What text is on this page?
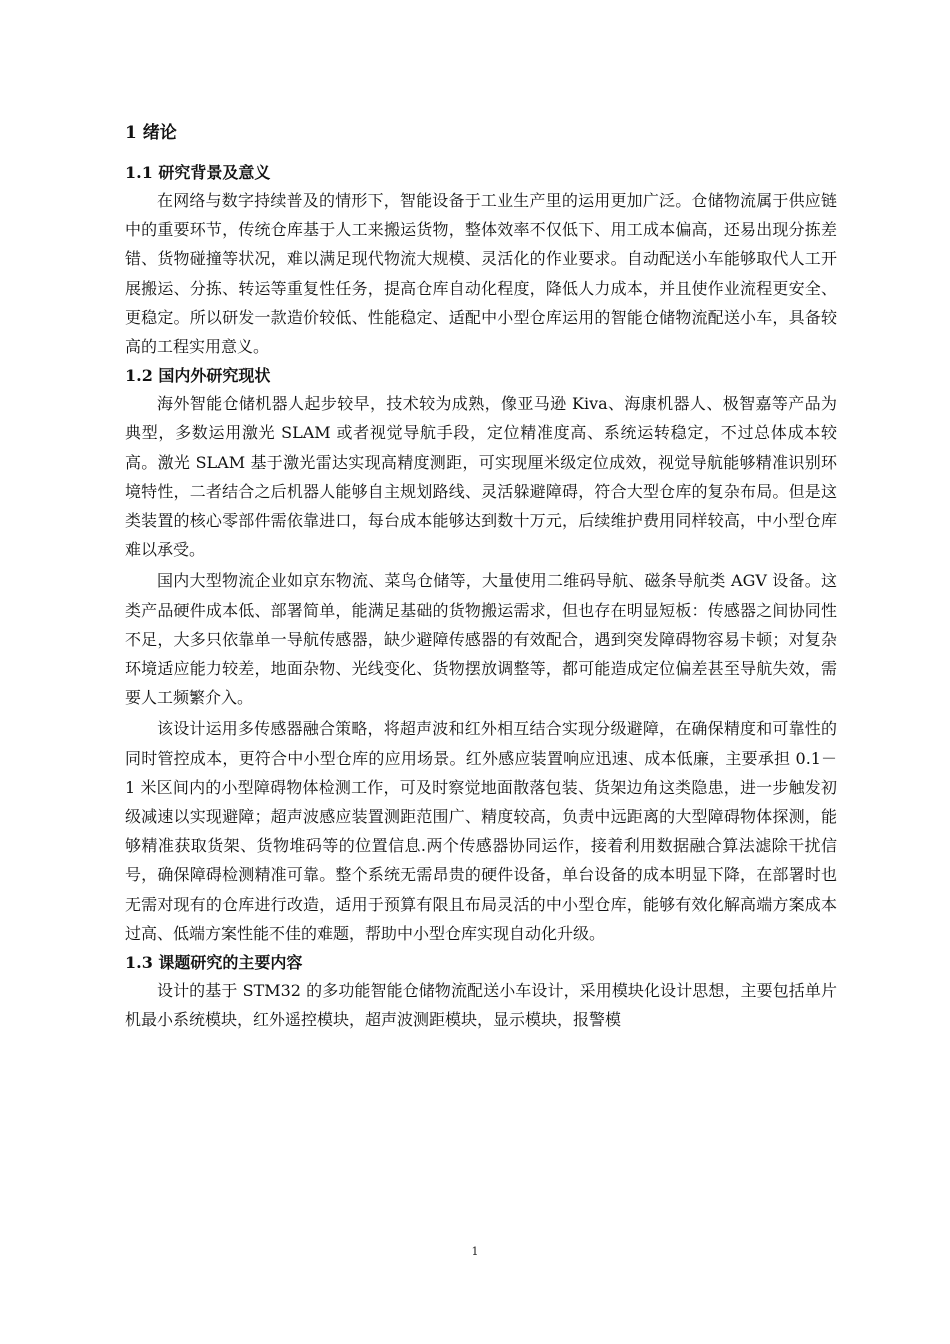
1 绪论
1.1 研究背景及意义

在网络与数字持续普及的情形下，智能设备于工业生产里的运用更加广泛。仓储物流属于供应链中的重要环节，传统仓库基于人工来搬运货物，整体效率不仅低下、用工成本偏高，还易出现分拣差错、货物碰撞等状况，难以满足现代物流大规模、灵活化的作业要求。自动配送小车能够取代人工开展搬运、分拣、转运等重复性任务，提高仓库自动化程度，降低人力成本，并且使作业流程更安全、更稳定。所以研发一款造价较低、性能稳定、适配中小型仓库运用的智能仓储物流配送小车，具备较高的工程实用意义。

1.2 国内外研究现状

海外智能仓储机器人起步较早，技术较为成熟，像亚马逊 Kiva、海康机器人、极智嘉等产品为典型，多数运用激光 SLAM 或者视觉导航手段，定位精准度高、系统运转稳定，不过总体成本较高。激光 SLAM 基于激光雷达实现高精度测距，可实现厘米级定位成效，视觉导航能够精准识别环境特性，二者结合之后机器人能够自主规划路线、灵活躲避障碍，符合大型仓库的复杂布局。但是这类装置的核心零部件需依靠进口，每台成本能够达到数十万元，后续维护费用同样较高，中小型仓库难以承受。

国内大型物流企业如京东物流、菜鸟仓储等，大量使用二维码导航、磁条导航类 AGV 设备。这类产品硬件成本低、部署简单，能满足基础的货物搬运需求，但也存在明显短板：传感器之间协同性不足，大多只依靠单一导航传感器，缺少避障传感器的有效配合，遇到突发障碍物容易卡顿；对复杂环境适应能力较差，地面杂物、光线变化、货物摆放调整等，都可能造成定位偏差甚至导航失效，需要人工频繁介入。

该设计运用多传感器融合策略，将超声波和红外相互结合实现分级避障，在确保精度和可靠性的同时管控成本，更符合中小型仓库的应用场景。红外感应装置响应迅速、成本低廉，主要承担 0.1－1 米区间内的小型障碍物体检测工作，可及时察觉地面散落包装、货架边角这类隐患，进一步触发初级减速以实现避障；超声波感应装置测距范围广、精度较高，负责中远距离的大型障碍物体探测，能够精准获取货架、货物堆码等的位置信息.两个传感器协同运作，接着利用数据融合算法滤除干扰信号，确保障碍检测精准可靠。整个系统无需昂贵的硬件设备，单台设备的成本明显下降，在部署时也无需对现有的仓库进行改造，适用于预算有限且布局灵活的中小型仓库，能够有效化解高端方案成本过高、低端方案性能不佳的难题，帮助中小型仓库实现自动化升级。

1.3 课题研究的主要内容

设计的基于 STM32 的多功能智能仓储物流配送小车设计，采用模块化设计思想，主要包括单片机最小系统模块，红外遥控模块，超声波测距模块，显示模块，报警模

1
